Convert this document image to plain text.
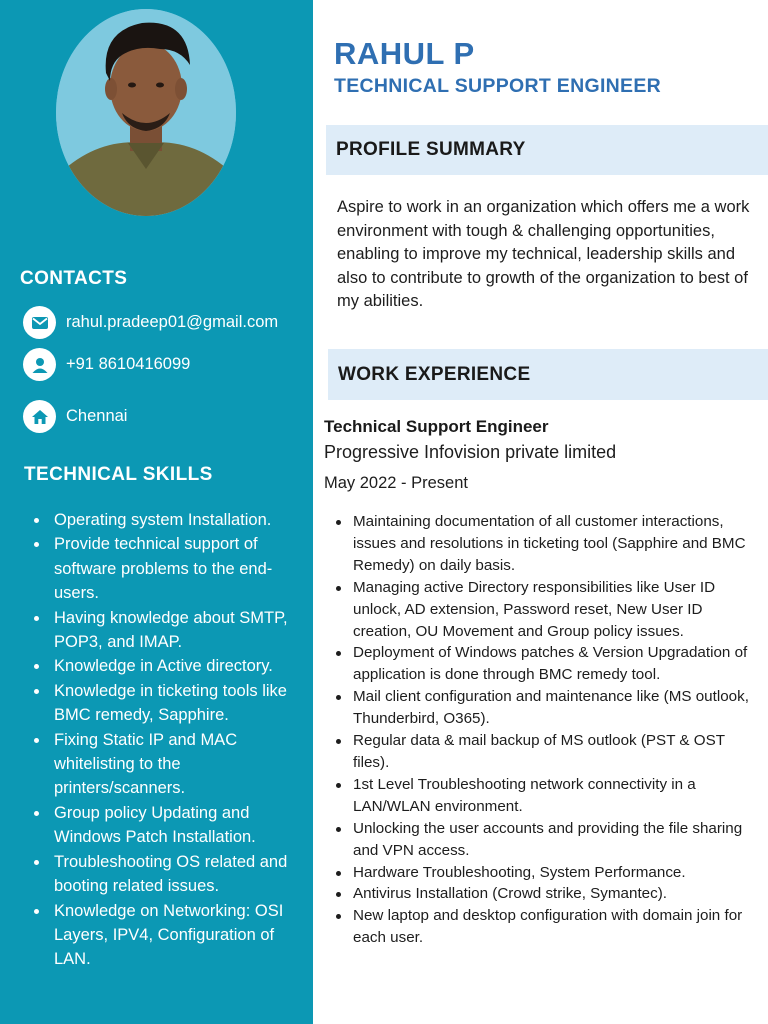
CONTACTS
rahul.pradeep01@gmail.com
+91 8610416099
Chennai
TECHNICAL SKILLS
Operating system Installation.
Provide technical support of software problems to the end-users.
Having knowledge about SMTP, POP3, and IMAP.
Knowledge in Active directory.
Knowledge in ticketing tools like BMC remedy, Sapphire.
Fixing Static IP and MAC whitelisting to the printers/scanners.
Group policy Updating and Windows Patch Installation.
Troubleshooting OS related and booting related issues.
Knowledge on Networking: OSI Layers, IPV4, Configuration of LAN.
RAHUL P
TECHNICAL SUPPORT ENGINEER
PROFILE SUMMARY

Aspire to work in an organization which offers me a work environment with tough & challenging opportunities, enabling to improve my technical, leadership skills and also to contribute to growth of the organization to best of my abilities.

WORK EXPERIENCE
Technical Support Engineer
Progressive Infovision private limited
May 2022 - Present
Maintaining documentation of all customer interactions, issues and resolutions in ticketing tool (Sapphire and BMC Remedy) on daily basis.
Managing active Directory responsibilities like User ID unlock, AD extension, Password reset, New User ID creation, OU Movement and Group policy issues.
Deployment of Windows patches & Version Upgradation of application is done through BMC remedy tool.
Mail client configuration and maintenance like (MS outlook, Thunderbird, O365).
Regular data & mail backup of MS outlook (PST & OST files).
1st Level Troubleshooting network connectivity in a LAN/WLAN environment.
Unlocking the user accounts and providing the file sharing and VPN access.
Hardware Troubleshooting, System Performance.
Antivirus Installation (Crowd strike, Symantec).
New laptop and desktop configuration with domain join for each user.
